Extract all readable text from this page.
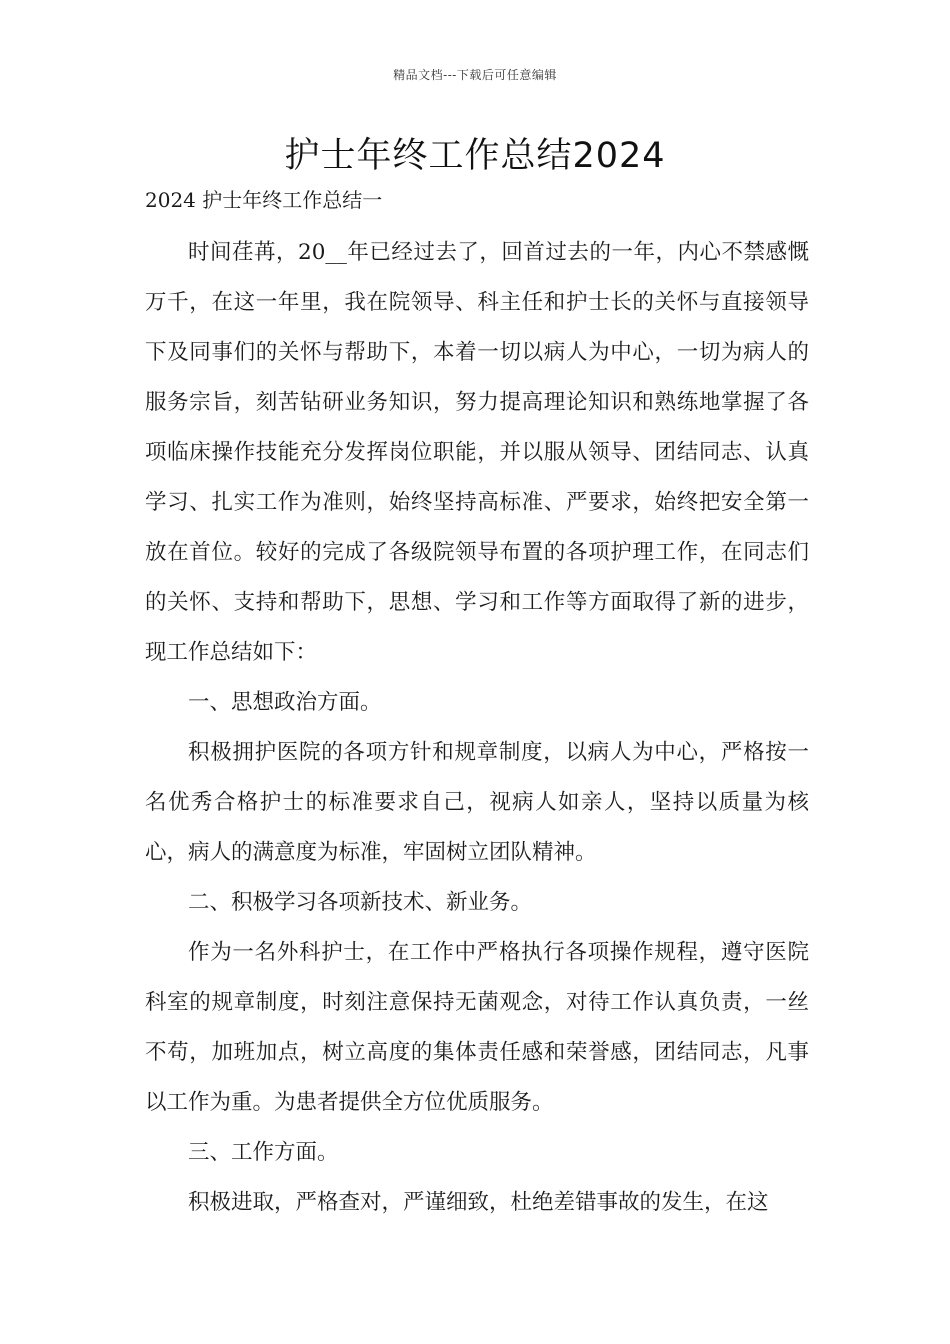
精品文档---下载后可任意编辑
护士年终工作总结2024
2024 护士年终工作总结一

时间荏苒，20__年已经过去了，回首过去的一年，内心不禁感慨万千，在这一年里，我在院领导、科主任和护士长的关怀与直接领导下及同事们的关怀与帮助下，本着一切以病人为中心，一切为病人的服务宗旨，刻苦钻研业务知识，努力提高理论知识和熟练地掌握了各项临床操作技能充分发挥岗位职能，并以服从领导、团结同志、认真学习、扎实工作为准则，始终坚持高标准、严要求，始终把安全第一放在首位。较好的完成了各级院领导布置的各项护理工作，在同志们的关怀、支持和帮助下，思想、学习和工作等方面取得了新的进步，现工作总结如下：

一、思想政治方面。

积极拥护医院的各项方针和规章制度，以病人为中心，严格按一名优秀合格护士的标准要求自己，视病人如亲人，坚持以质量为核心，病人的满意度为标准，牢固树立团队精神。

二、积极学习各项新技术、新业务。

作为一名外科护士，在工作中严格执行各项操作规程，遵守医院科室的规章制度，时刻注意保持无菌观念，对待工作认真负责，一丝不苟，加班加点，树立高度的集体责任感和荣誉感，团结同志，凡事以工作为重。为患者提供全方位优质服务。

三、工作方面。

积极进取，严格查对，严谨细致，杜绝差错事故的发生，在这
